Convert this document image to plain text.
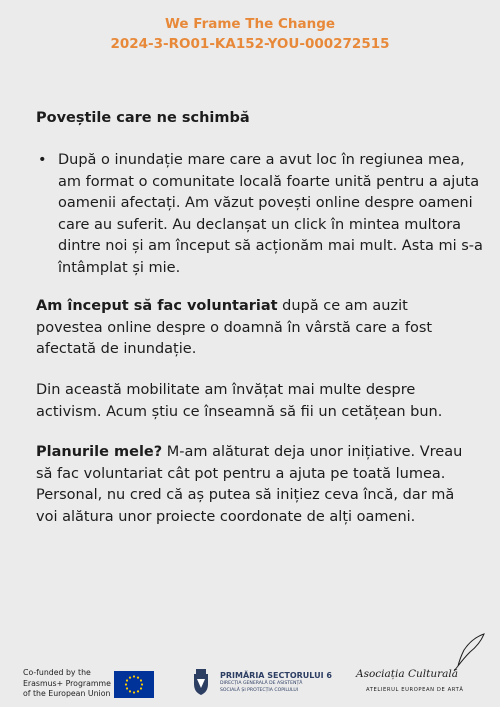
We Frame The Change
2024-3-RO01-KA152-YOU-000272515
Poveștile care ne schimbă
• După o inundație mare care a avut loc în regiunea mea, am format o comunitate locală foarte unită pentru a ajuta oamenii afectați. Am văzut povești online despre oameni care au suferit. Au declanșat un click în mintea multora dintre noi și am început să acționăm mai mult. Asta mi s-a întâmplat și mie.

Am început să fac voluntariat după ce am auzit povestea online despre o doamnă în vârstă care a fost afectată de inundație.

Din această mobilitate am învățat mai multe despre activism. Acum știu ce înseamnă să fii un cetățean bun.

Planurile mele? M-am alăturat deja unor inițiative. Vreau să fac voluntariat cât pot pentru a ajuta pe toată lumea. Personal, nu cred că aș putea să inițiez ceva încă, dar mă voi alătura unor proiecte coordonate de alți oameni.

Co-funded by the
Erasmus+ Programme
of the European Union
PRIMĂRIA SECTORULUI 6
DIRECȚIA GENERALĂ DE ASISTENȚĂ
SOCIALĂ ȘI PROTECȚIA COPILULUI
Asociația Culturală
ATELIERUL EUROPEAN DE ARTĂ
